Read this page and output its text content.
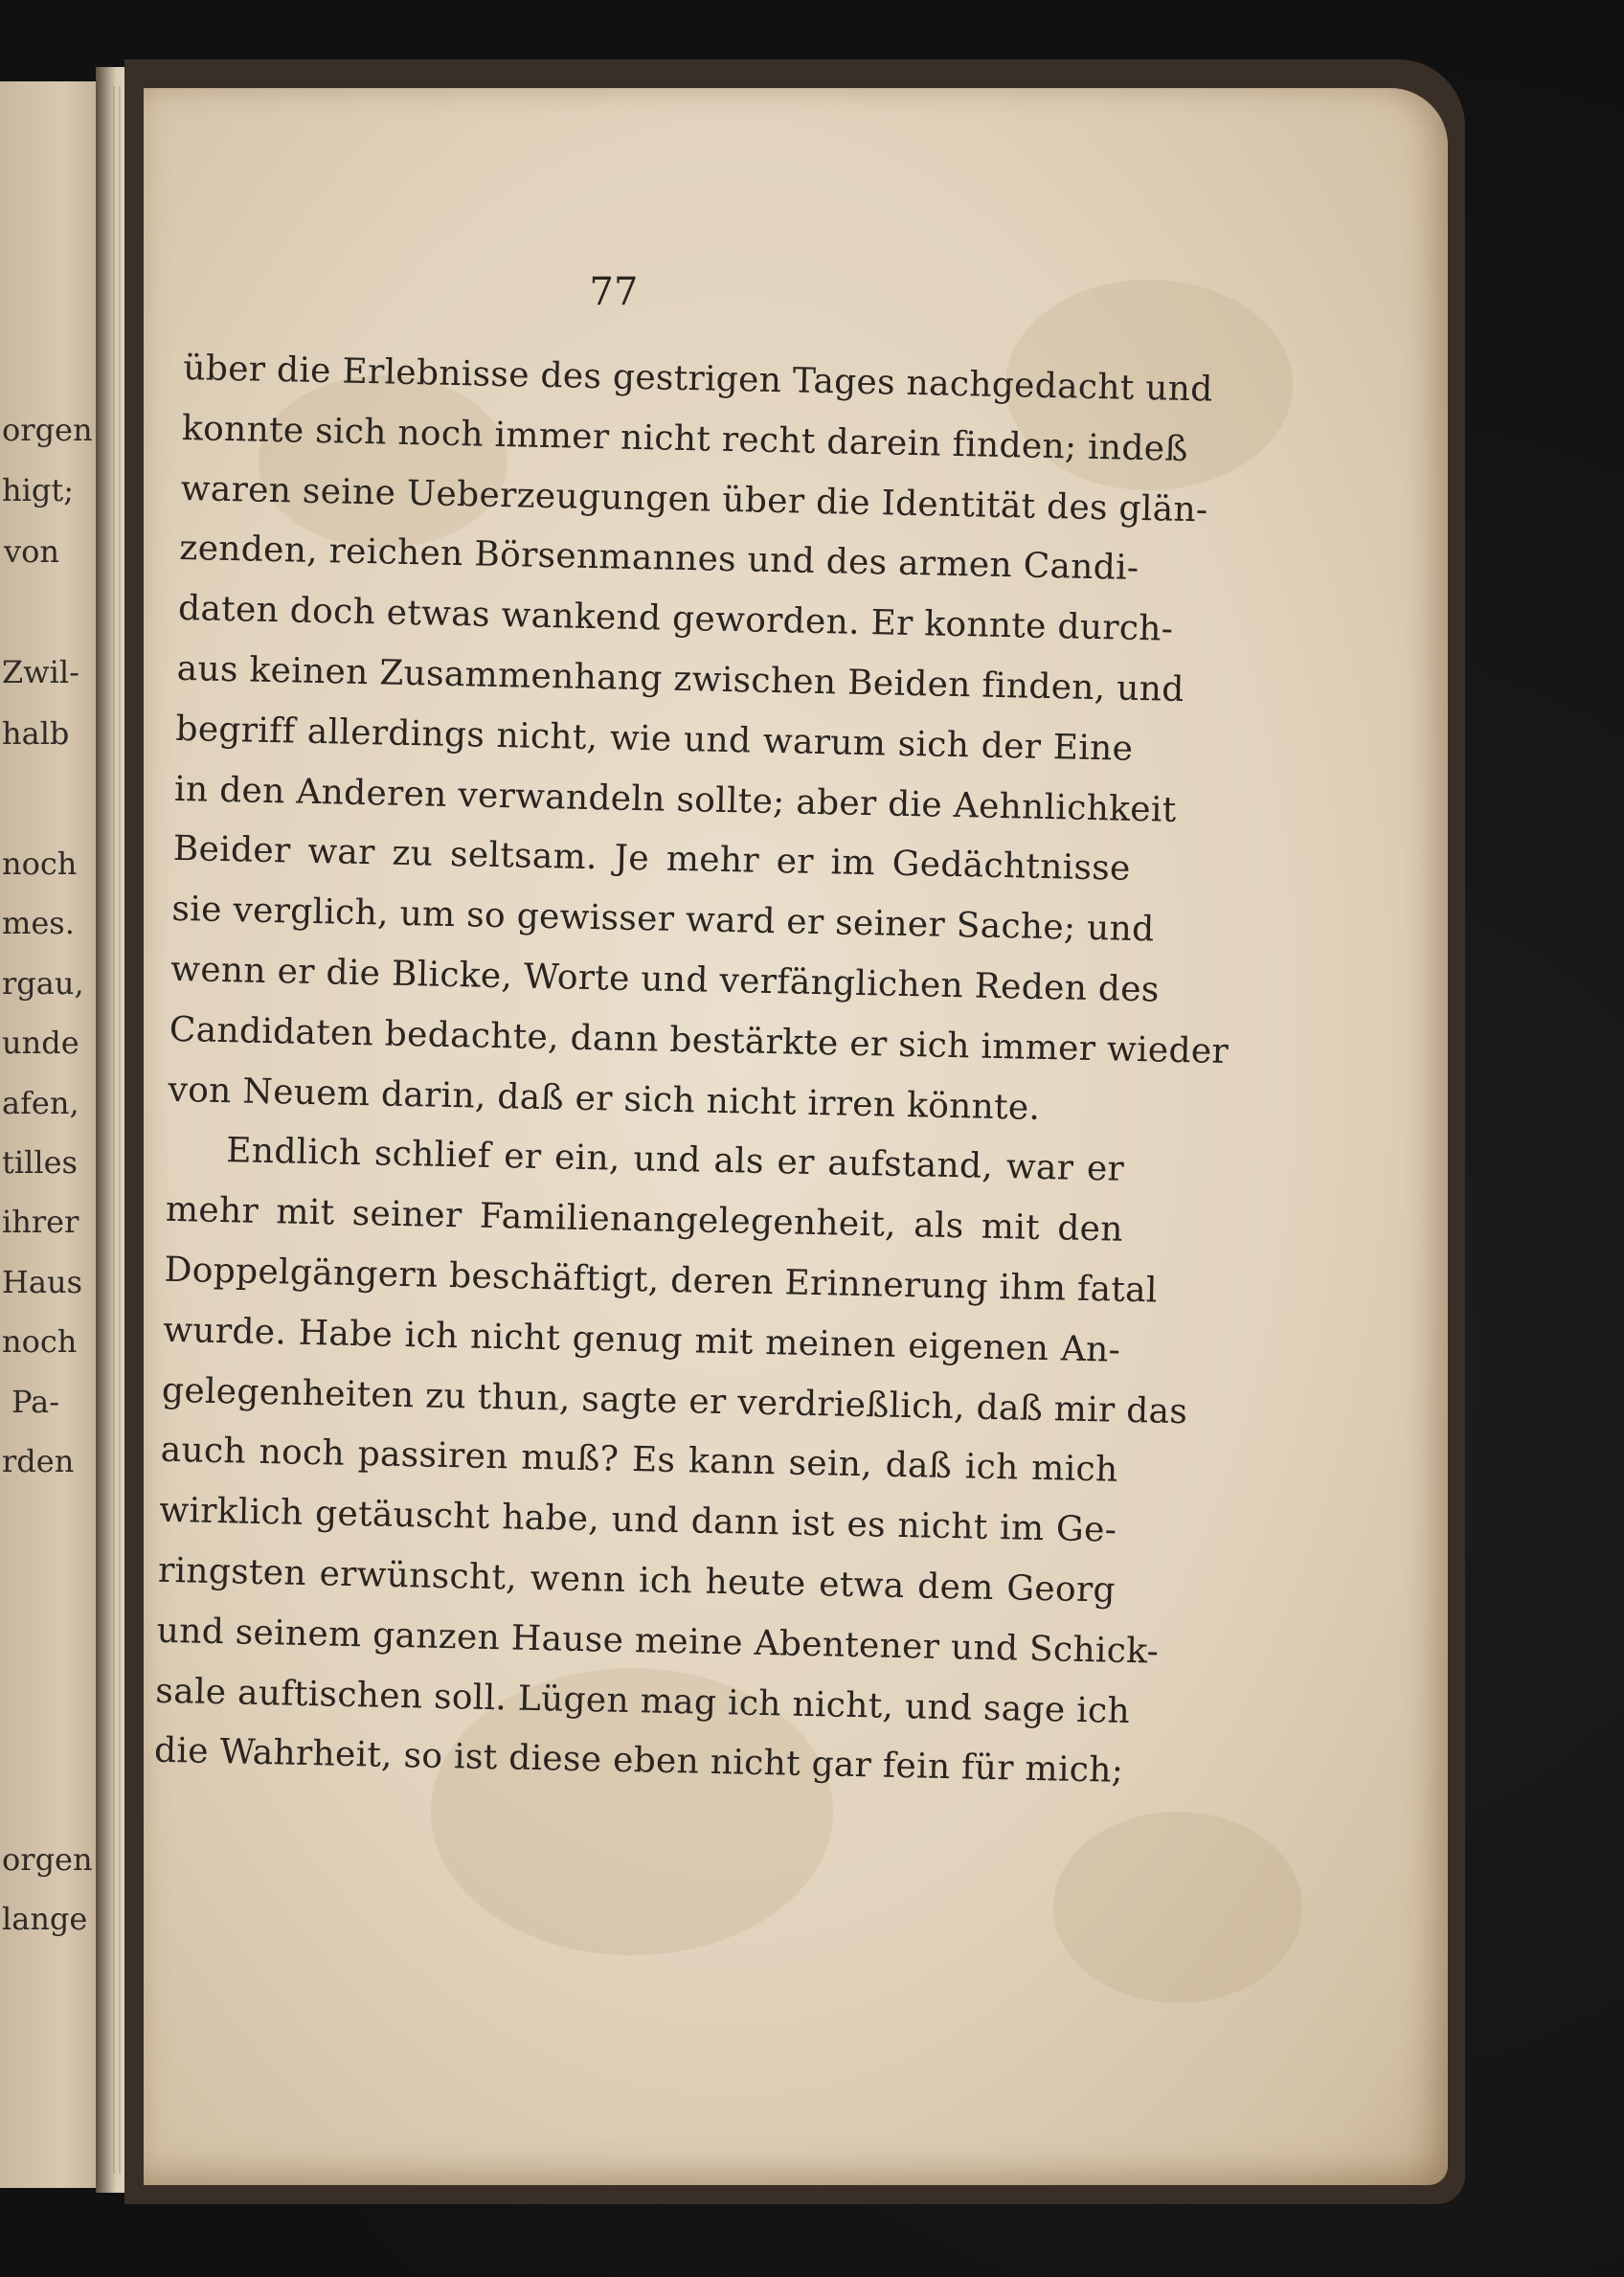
orgen
higt;
von
Zwil-
halb
noch
mes.
rgau,
unde
afen,
tilles
ihrer
Haus
noch
Pa-
rden
orgen
lange
77
über die Erlebnisse des gestrigen Tages nachgedacht und
konnte sich noch immer nicht recht darein finden; indeß
waren seine Ueberzeugungen über die Identität des glän-
zenden, reichen Börsenmannes und des armen Candi-
daten doch etwas wankend geworden. Er konnte durch-
aus keinen Zusammenhang zwischen Beiden finden, und
begriff allerdings nicht, wie und warum sich der Eine
in den Anderen verwandeln sollte; aber die Aehnlichkeit
Beider war zu seltsam. Je mehr er im Gedächtnisse
sie verglich, um so gewisser ward er seiner Sache; und
wenn er die Blicke, Worte und verfänglichen Reden des
Candidaten bedachte, dann bestärkte er sich immer wieder
von Neuem darin, daß er sich nicht irren könnte.
Endlich schlief er ein, und als er aufstand, war er
mehr mit seiner Familienangelegenheit, als mit den
Doppelgängern beschäftigt, deren Erinnerung ihm fatal
wurde. Habe ich nicht genug mit meinen eigenen An-
gelegenheiten zu thun, sagte er verdrießlich, daß mir das
auch noch passiren muß? Es kann sein, daß ich mich
wirklich getäuscht habe, und dann ist es nicht im Ge-
ringsten erwünscht, wenn ich heute etwa dem Georg
und seinem ganzen Hause meine Abentener und Schick-
sale auftischen soll. Lügen mag ich nicht, und sage ich
die Wahrheit, so ist diese eben nicht gar fein für mich;
